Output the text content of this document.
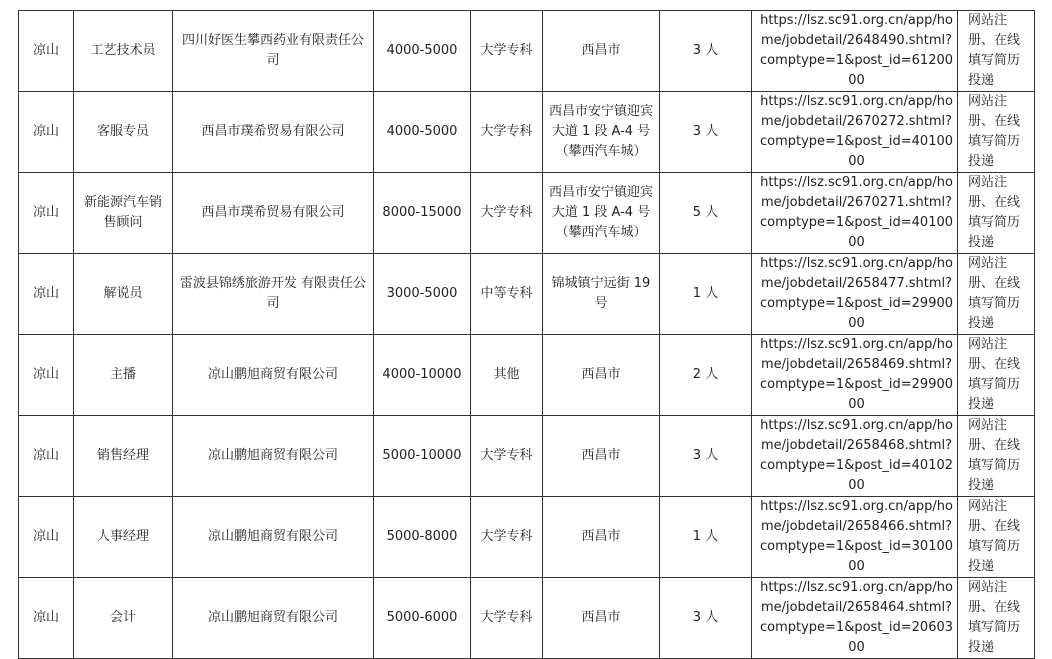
凉山	工艺技术员	四川好医生攀西药业有限责任公司	4000-5000	大学专科	西昌市	3 人	https://lsz.sc91.org.cn/app/home/jobdetail/2648490.shtml?comptype=1&post_id=6120000	网站注册、在线填写简历投递
凉山	客服专员	西昌市璞希贸易有限公司	4000-5000	大学专科	西昌市安宁镇迎宾大道 1 段 A-4 号（攀西汽车城）	3 人	https://lsz.sc91.org.cn/app/home/jobdetail/2670272.shtml?comptype=1&post_id=4010000	网站注册、在线填写简历投递
凉山	新能源汽车销售顾问	西昌市璞希贸易有限公司	8000-15000	大学专科	西昌市安宁镇迎宾大道 1 段 A-4 号（攀西汽车城）	5 人	https://lsz.sc91.org.cn/app/home/jobdetail/2670271.shtml?comptype=1&post_id=4010000	网站注册、在线填写简历投递
凉山	解说员	雷波县锦绣旅游开发 有限责任公司	3000-5000	中等专科	锦城镇宁远街 19 号	1 人	https://lsz.sc91.org.cn/app/home/jobdetail/2658477.shtml?comptype=1&post_id=2990000	网站注册、在线填写简历投递
凉山	主播	凉山鹏旭商贸有限公司	4000-10000	其他	西昌市	2 人	https://lsz.sc91.org.cn/app/home/jobdetail/2658469.shtml?comptype=1&post_id=2990000	网站注册、在线填写简历投递
凉山	销售经理	凉山鹏旭商贸有限公司	5000-10000	大学专科	西昌市	3 人	https://lsz.sc91.org.cn/app/home/jobdetail/2658468.shtml?comptype=1&post_id=4010200	网站注册、在线填写简历投递
凉山	人事经理	凉山鹏旭商贸有限公司	5000-8000	大学专科	西昌市	1 人	https://lsz.sc91.org.cn/app/home/jobdetail/2658466.shtml?comptype=1&post_id=3010000	网站注册、在线填写简历投递
凉山	会计	凉山鹏旭商贸有限公司	5000-6000	大学专科	西昌市	3 人	https://lsz.sc91.org.cn/app/home/jobdetail/2658464.shtml?comptype=1&post_id=2060300	网站注册、在线填写简历投递
